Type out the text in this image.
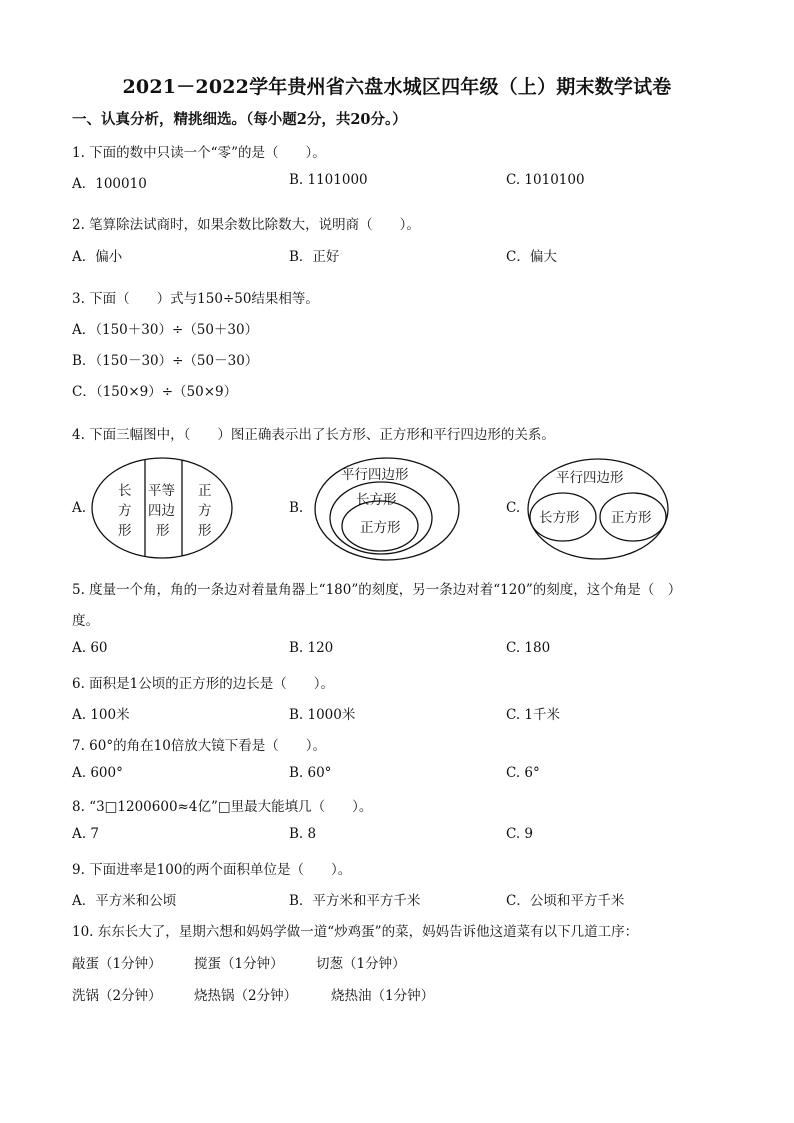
2021－2022学年贵州省六盘水城区四年级（上）期末数学试卷
一、认真分析，精挑细选。（每小题2分，共20分。）
1. 下面的数中只读一个“零”的是（　　）。
A．100010	B. 1101000	C. 1010100
2. 笔算除法试商时，如果余数比除数大，说明商（　　）。
A．偏小	B．正好	C．偏大
3. 下面（　　）式与150÷50结果相等。
A．（150＋30）÷（50＋30）
B．（150－30）÷（50－30）
C．（150×9）÷（50×9）
4. 下面三幅图中，（　　）图正确表示出了长方形、正方形和平行四边形的关系。
A.
长
方
形
平等
四边
形
正
方
形
B.
平行四边形
长方形
正方形
C.
平行四边形
长方形 正方形
5. 度量一个角，角的一条边对着量角器上“180”的刻度，另一条边对着“120”的刻度，这个角是（　）
度。
A. 60	B. 120	C. 180
6. 面积是1公顷的正方形的边长是（　　）。
A. 100米	B. 1000米	C. 1千米
7. 60°的角在10倍放大镜下看是（　　）。
A. 600°	B. 60°	C. 6°
8. “3□1200600≈4亿”□里最大能填几（　　）。
A. 7	B. 8	C. 9
9. 下面进率是100的两个面积单位是（　　）。
A．平方米和公顷	B．平方米和平方千米	C．公顷和平方千米
10. 东东长大了，星期六想和妈妈学做一道“炒鸡蛋”的菜，妈妈告诉他这道菜有以下几道工序：
敲蛋（1分钟） 搅蛋（1分钟） 切葱（1分钟）
洗锅（2分钟） 烧热锅（2分钟）	烧热油（1分钟）
